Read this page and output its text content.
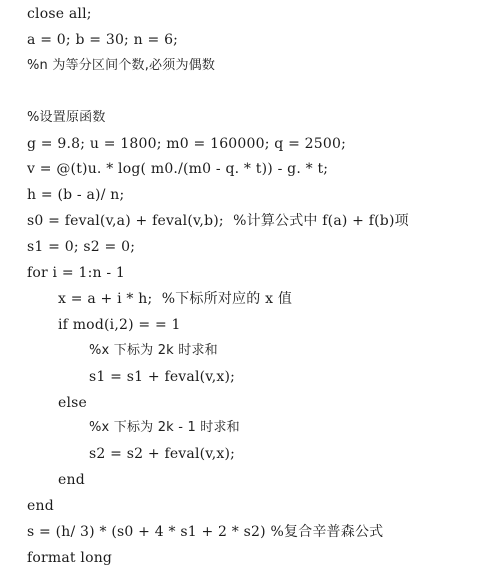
close all;
a = 0; b = 30; n = 6;
%n 为等分区间个数,必须为偶数
%设置原函数
g = 9.8; u = 1800; m0 = 160000; q = 2500;
v = @(t)u. * log( m0./(m0 - q. * t)) - g. * t;
h = (b - a)/ n;
s0 = feval(v,a) + feval(v,b);  %计算公式中 f(a) + f(b)项
s1 = 0; s2 = 0;
for i = 1:n - 1
x = a + i * h;  %下标所对应的 x 值
if mod(i,2) = = 1
%x 下标为 2k 时求和
s1 = s1 + feval(v,x);
else
%x 下标为 2k - 1 时求和
s2 = s2 + feval(v,x);
end
end
s = (h/ 3) * (s0 + 4 * s1 + 2 * s2) %复合辛普森公式
format long
